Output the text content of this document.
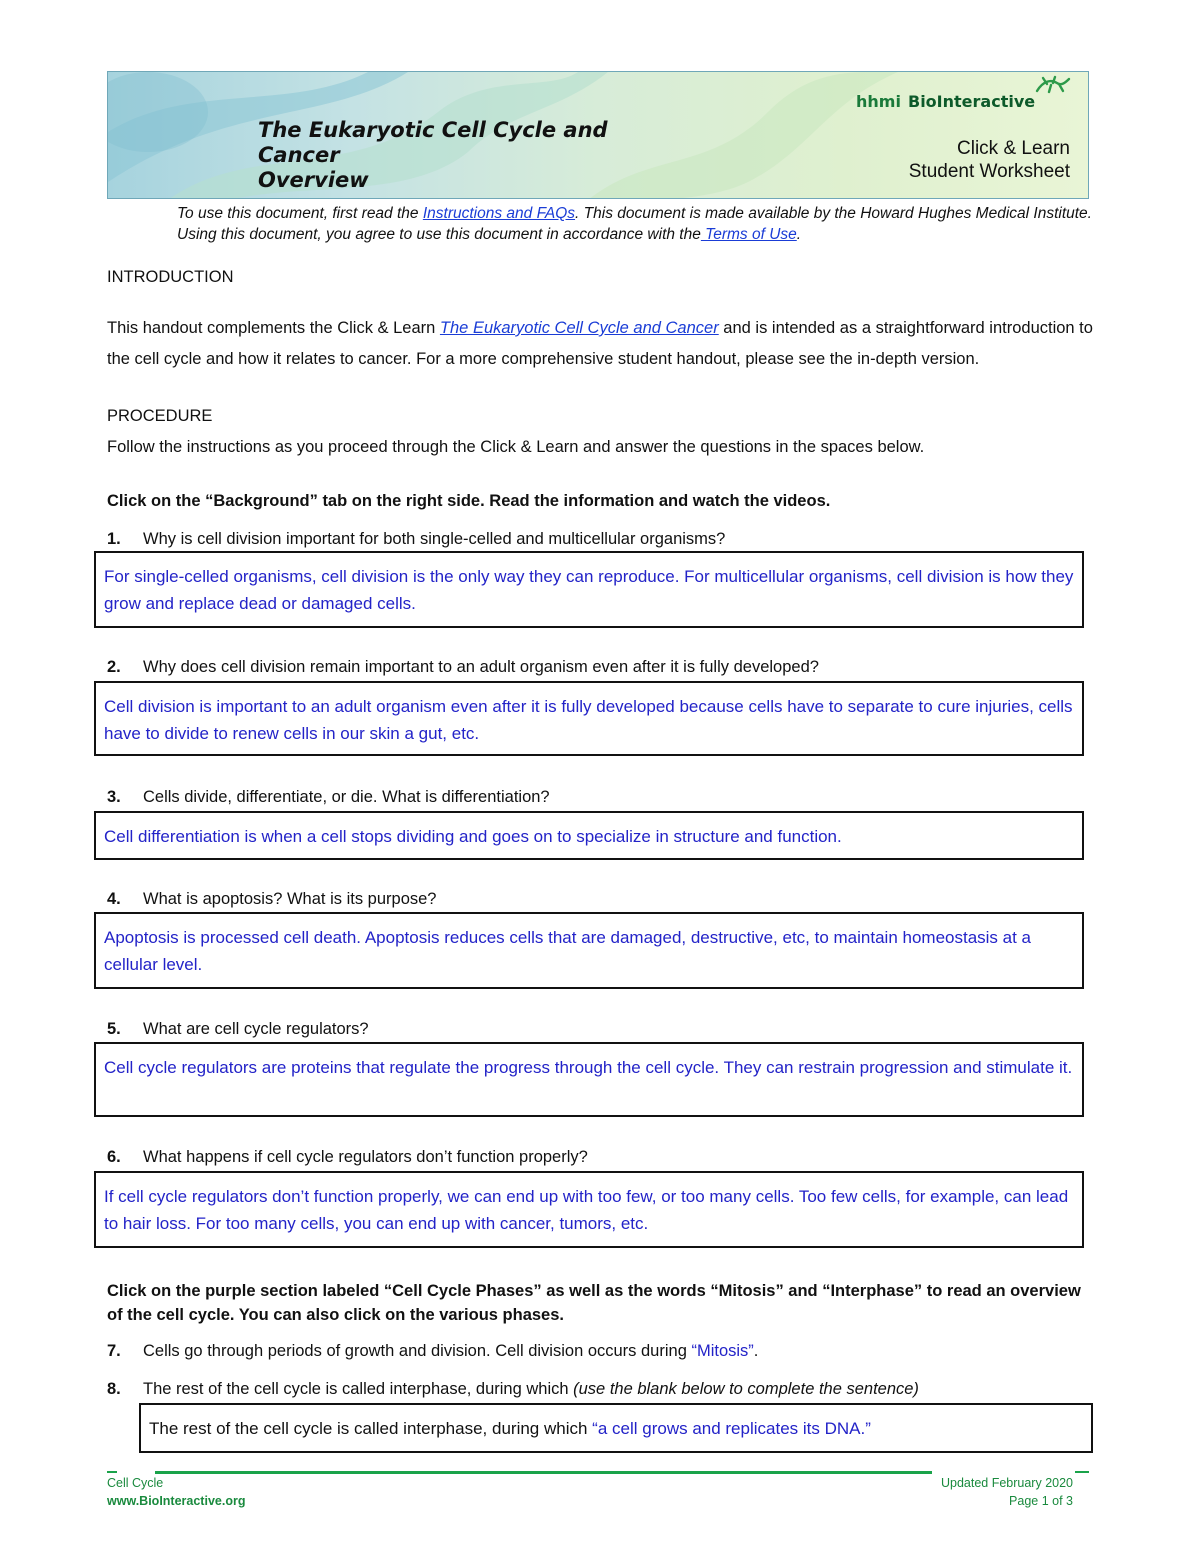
The Eukaryotic Cell Cycle and
Cancer
Overview
hhmi BioInteractive
Click & Learn
Student Worksheet
To use this document, first read the Instructions and FAQs. This document is made available by the Howard Hughes Medical Institute. Using this document, you agree to use this document in accordance with the Terms of Use.
INTRODUCTION
This handout complements the Click & Learn The Eukaryotic Cell Cycle and Cancer and is intended as a straightforward introduction to the cell cycle and how it relates to cancer. For a more comprehensive student handout, please see the in-depth version.
PROCEDURE
Follow the instructions as you proceed through the Click & Learn and answer the questions in the spaces below.
Click on the “Background” tab on the right side. Read the information and watch the videos.
1. Why is cell division important for both single-celled and multicellular organisms?
For single-celled organisms, cell division is the only way they can reproduce. For multicellular organisms, cell division is how they grow and replace dead or damaged cells.
2. Why does cell division remain important to an adult organism even after it is fully developed?
Cell division is important to an adult organism even after it is fully developed because cells have to separate to cure injuries, cells have to divide to renew cells in our skin a gut, etc.
3. Cells divide, differentiate, or die. What is differentiation?
Cell differentiation is when a cell stops dividing and goes on to specialize in structure and function.
4. What is apoptosis? What is its purpose?
Apoptosis is processed cell death. Apoptosis reduces cells that are damaged, destructive, etc, to maintain homeostasis at a cellular level.
5. What are cell cycle regulators?
Cell cycle regulators are proteins that regulate the progress through the cell cycle. They can restrain progression and stimulate it.
6. What happens if cell cycle regulators don’t function properly?
If cell cycle regulators don’t function properly, we can end up with too few, or too many cells. Too few cells, for example, can lead to hair loss. For too many cells, you can end up with cancer, tumors, etc.
Click on the purple section labeled “Cell Cycle Phases” as well as the words “Mitosis” and “Interphase” to read an overview of the cell cycle. You can also click on the various phases.
7. Cells go through periods of growth and division. Cell division occurs during “Mitosis”.
8. The rest of the cell cycle is called interphase, during which (use the blank below to complete the sentence)
The rest of the cell cycle is called interphase, during which “a cell grows and replicates its DNA.”
Cell Cycle
www.BioInteractive.org
Updated February 2020
Page 1 of 3
